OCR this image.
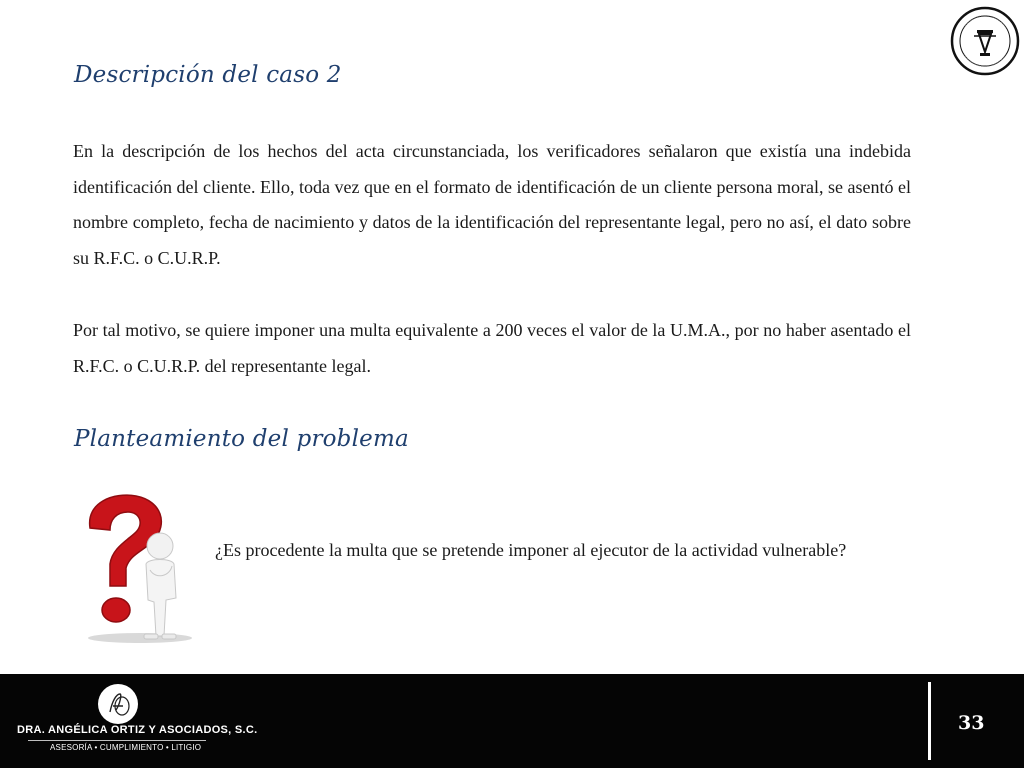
Descripción del caso 2

En la descripción de los hechos del acta circunstanciada, los verificadores señalaron que existía una indebida identificación del cliente. Ello, toda vez que en el formato de identificación de un cliente persona moral, se asentó el nombre completo, fecha de nacimiento y datos de la identificación del representante legal, pero no así, el dato sobre su R.F.C. o C.U.R.P.

Por tal motivo, se quiere imponer una multa equivalente a 200 veces el valor de la U.M.A., por no haber asentado el R.F.C. o C.U.R.P. del representante legal.

Planteamiento del problema

¿Es procedente la multa que se pretende imponer al ejecutor de la actividad vulnerable?

DRA. ANGÉLICA ORTIZ Y ASOCIADOS, S.C.
ASESORÍA • CUMPLIMIENTO • LITIGIO
33
